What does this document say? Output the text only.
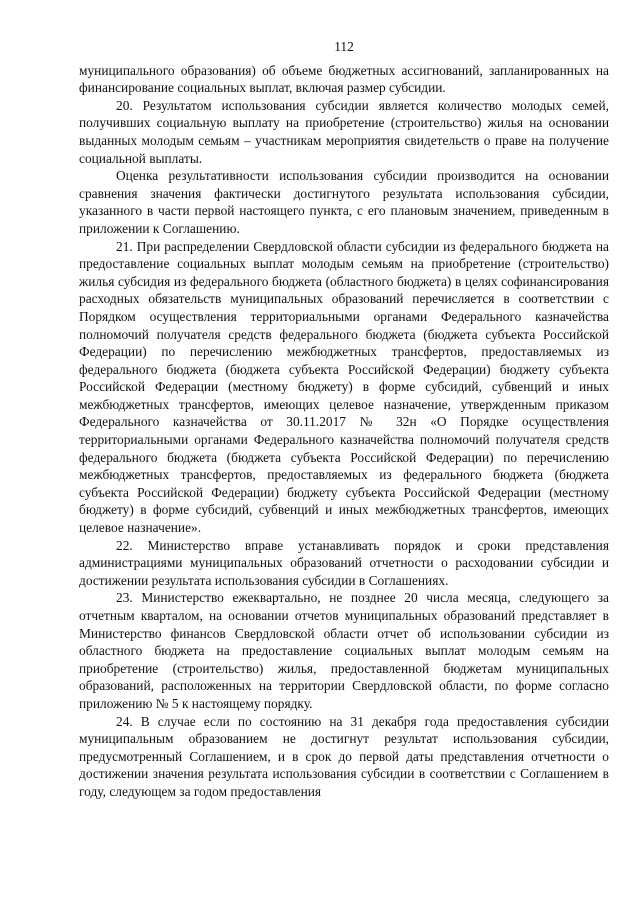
112

муниципального образования) об объеме бюджетных ассигнований, запланированных на финансирование социальных выплат, включая размер субсидии.

20. Результатом использования субсидии является количество молодых семей, получивших социальную выплату на приобретение (строительство) жилья на основании выданных молодым семьям – участникам мероприятия свидетельств о праве на получение социальной выплаты.

Оценка результативности использования субсидии производится на основании сравнения значения фактически достигнутого результата использования субсидии, указанного в части первой настоящего пункта, с его плановым значением, приведенным в приложении к Соглашению.

21. При распределении Свердловской области субсидии из федерального бюджета на предоставление социальных выплат молодым семьям на приобретение (строительство) жилья субсидия из федерального бюджета (областного бюджета) в целях софинансирования расходных обязательств муниципальных образований перечисляется в соответствии с Порядком осуществления территориальными органами Федерального казначейства полномочий получателя средств федерального бюджета (бюджета субъекта Российской Федерации) по перечислению межбюджетных трансфертов, предоставляемых из федерального бюджета (бюджета субъекта Российской Федерации) бюджету субъекта Российской Федерации (местному бюджету) в форме субсидий, субвенций и иных межбюджетных трансфертов, имеющих целевое назначение, утвержденным приказом Федерального казначейства от 30.11.2017 № 32н «О Порядке осуществления территориальными органами Федерального казначейства полномочий получателя средств федерального бюджета (бюджета субъекта Российской Федерации) по перечислению межбюджетных трансфертов, предоставляемых из федерального бюджета (бюджета субъекта Российской Федерации) бюджету субъекта Российской Федерации (местному бюджету) в форме субсидий, субвенций и иных межбюджетных трансфертов, имеющих целевое назначение».

22. Министерство вправе устанавливать порядок и сроки представления администрациями муниципальных образований отчетности о расходовании субсидии и достижении результата использования субсидии в Соглашениях.

23. Министерство ежеквартально, не позднее 20 числа месяца, следующего за отчетным кварталом, на основании отчетов муниципальных образований представляет в Министерство финансов Свердловской области отчет об использовании субсидии из областного бюджета на предоставление социальных выплат молодым семьям на приобретение (строительство) жилья, предоставленной бюджетам муниципальных образований, расположенных на территории Свердловской области, по форме согласно приложению № 5 к настоящему порядку.

24. В случае если по состоянию на 31 декабря года предоставления субсидии муниципальным образованием не достигнут результат использования субсидии, предусмотренный Соглашением, и в срок до первой даты представления отчетности о достижении значения результата использования субсидии в соответствии с Соглашением в году, следующем за годом предоставления
